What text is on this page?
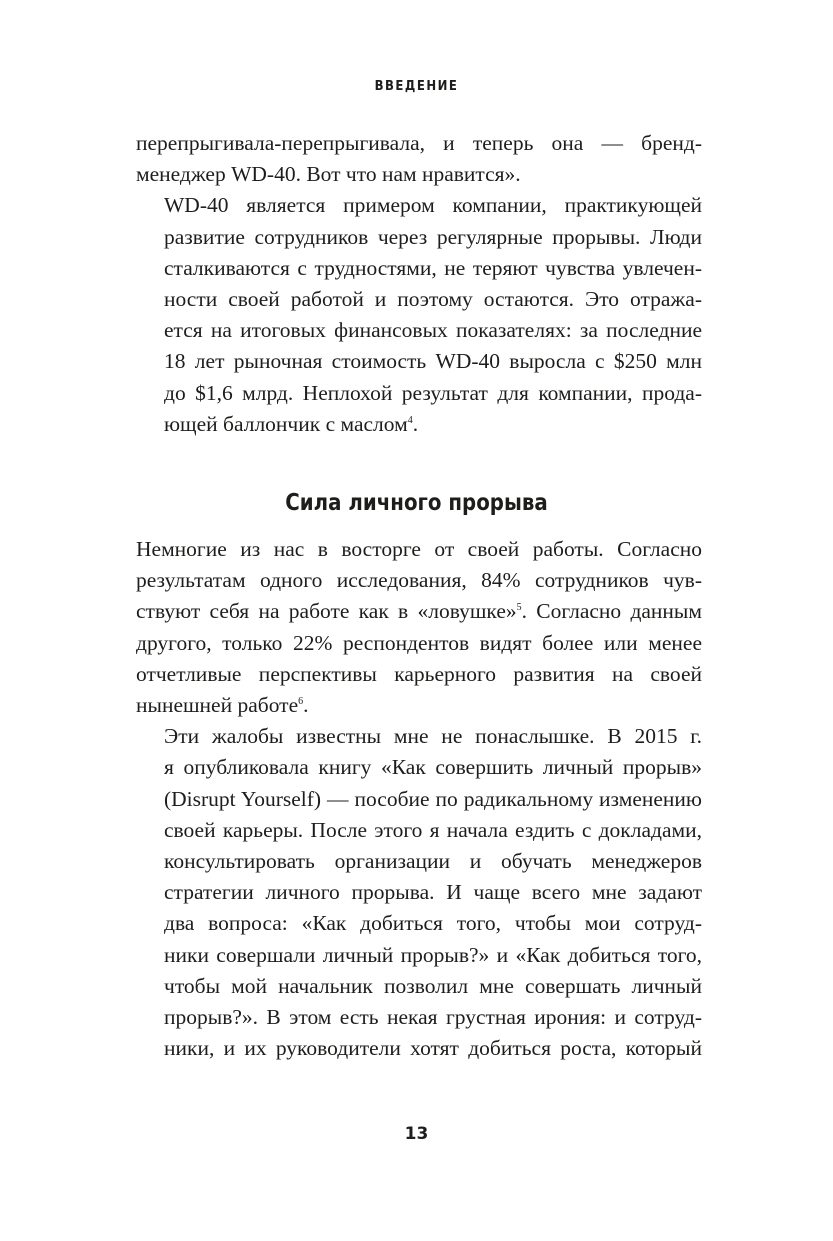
ВВЕДЕНИЕ

перепрыгивала-перепрыгивала, и теперь она — бренд-
менеджер WD-40. Вот что нам нравится».

WD-40 является примером компании, практикующей
развитие сотрудников через регулярные прорывы. Люди
сталкиваются с трудностями, не теряют чувства увлечен-
ности своей работой и поэтому остаются. Это отража-
ется на итоговых финансовых показателях: за последние
18 лет рыночная стоимость WD-40 выросла с $250 млн
до $1,6 млрд. Неплохой результат для компании, прода-
ющей баллончик с маслом$^4$.

Сила личного прорыва

Немногие из нас в восторге от своей работы. Согласно
результатам одного исследования, 84% сотрудников чув-
ствуют себя на работе как в «ловушке»$^5$. Согласно данным
другого, только 22% респондентов видят более или менее
отчетливые перспективы карьерного развития на своей
нынешней работе$^6$.

Эти жалобы известны мне не понаслышке. В 2015 г.
я опубликовала книгу «Как совершить личный прорыв»
(Disrupt Yourself) — пособие по радикальному изменению
своей карьеры. После этого я начала ездить с докладами,
консультировать организации и обучать менеджеров
стратегии личного прорыва. И чаще всего мне задают
два вопроса: «Как добиться того, чтобы мои сотруд-
ники совершали личный прорыв?» и «Как добиться того,
чтобы мой начальник позволил мне совершать личный
прорыв?». В этом есть некая грустная ирония: и сотруд-
ники, и их руководители хотят добиться роста, который

13
